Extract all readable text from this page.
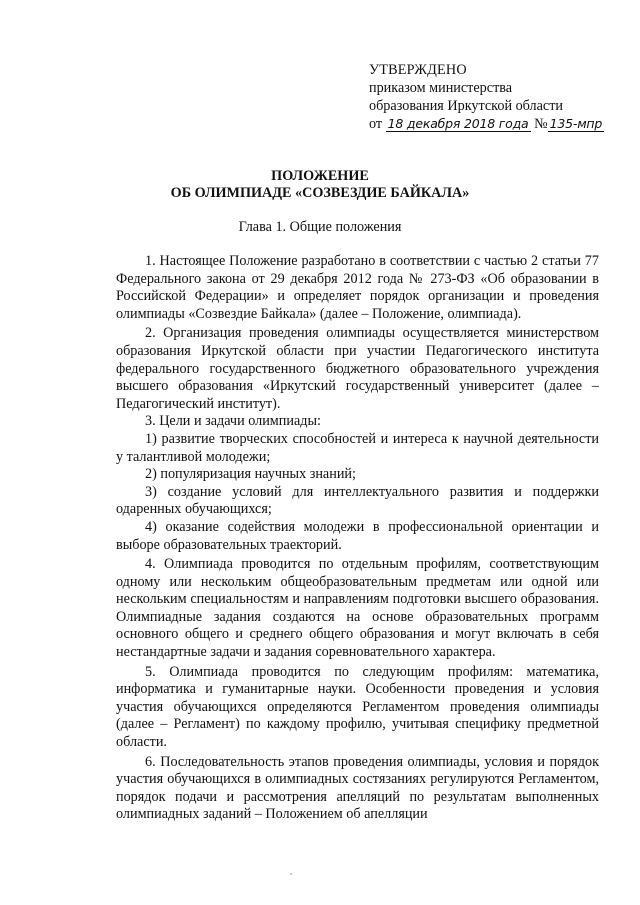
УТВЕРЖДЕНО
приказом министерства
образования Иркутской области
от 18 декабря 2018 года № 135-мпр
ПОЛОЖЕНИЕ
ОБ ОЛИМПИАДЕ «СОЗВЕЗДИЕ БАЙКАЛА»
Глава 1. Общие положения

1. Настоящее Положение разработано в соответствии с частью 2 статьи 77 Федерального закона от 29 декабря 2012 года № 273-ФЗ «Об образовании в Российской Федерации» и определяет порядок организации и проведения олимпиады «Созвездие Байкала» (далее – Положение, олимпиада).

2. Организация проведения олимпиады осуществляется министерством образования Иркутской области при участии Педагогического института федерального государственного бюджетного образовательного учреждения высшего образования «Иркутский государственный университет (далее – Педагогический институт).

3. Цели и задачи олимпиады:

1) развитие творческих способностей и интереса к научной деятельности у талантливой молодежи;

2) популяризация научных знаний;

3) создание условий для интеллектуального развития и поддержки одаренных обучающихся;

4) оказание содействия молодежи в профессиональной ориентации и выборе образовательных траекторий.

4. Олимпиада проводится по отдельным профилям, соответствующим одному или нескольким общеобразовательным предметам или одной или нескольким специальностям и направлениям подготовки высшего образования. Олимпиадные задания создаются на основе образовательных программ основного общего и среднего общего образования и могут включать в себя нестандартные задачи и задания соревновательного характера.

5. Олимпиада проводится по следующим профилям: математика, информатика и гуманитарные науки. Особенности проведения и условия участия обучающихся определяются Регламентом проведения олимпиады (далее – Регламент) по каждому профилю, учитывая специфику предметной области.

6. Последовательность этапов проведения олимпиады, условия и порядок участия обучающихся в олимпиадных состязаниях регулируются Регламентом, порядок подачи и рассмотрения апелляций по результатам выполненных олимпиадных заданий – Положением об апелляции
